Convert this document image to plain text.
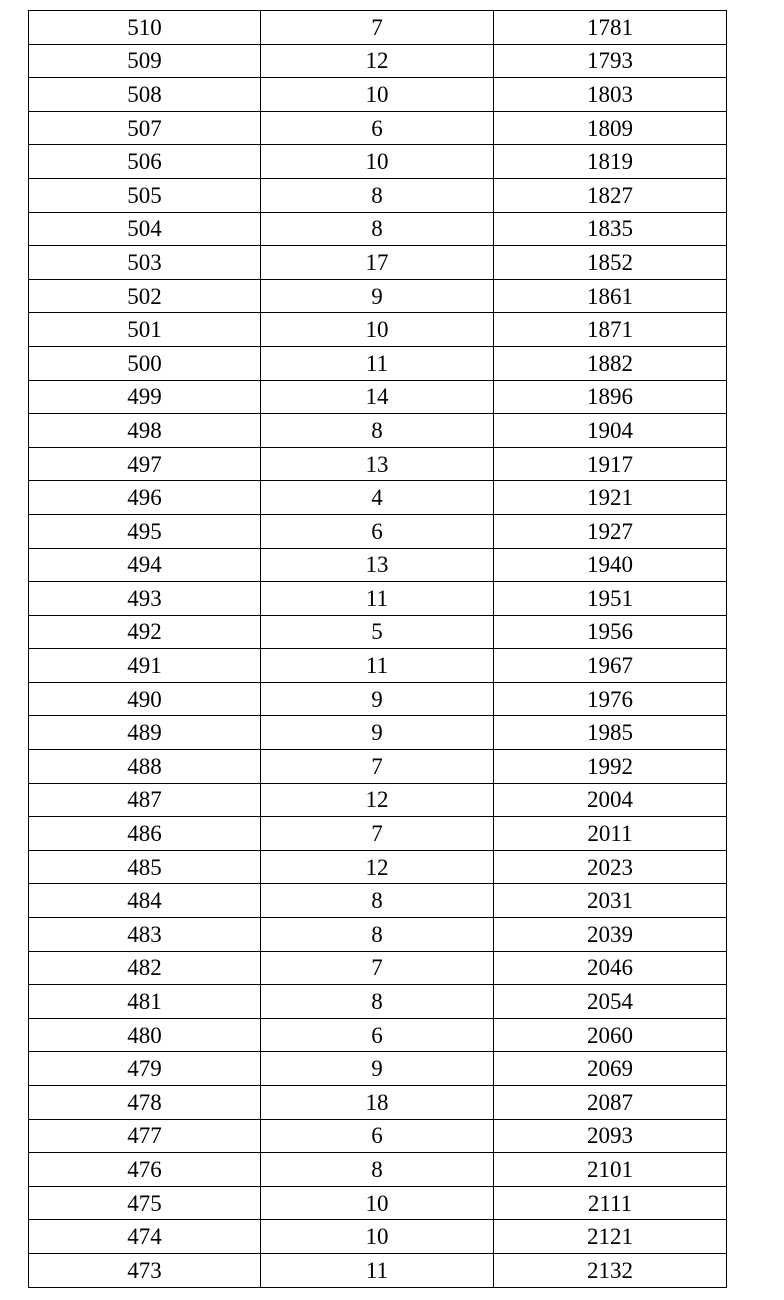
510	7	1781
509	12	1793
508	10	1803
507	6	1809
506	10	1819
505	8	1827
504	8	1835
503	17	1852
502	9	1861
501	10	1871
500	11	1882
499	14	1896
498	8	1904
497	13	1917
496	4	1921
495	6	1927
494	13	1940
493	11	1951
492	5	1956
491	11	1967
490	9	1976
489	9	1985
488	7	1992
487	12	2004
486	7	2011
485	12	2023
484	8	2031
483	8	2039
482	7	2046
481	8	2054
480	6	2060
479	9	2069
478	18	2087
477	6	2093
476	8	2101
475	10	2111
474	10	2121
473	11	2132
